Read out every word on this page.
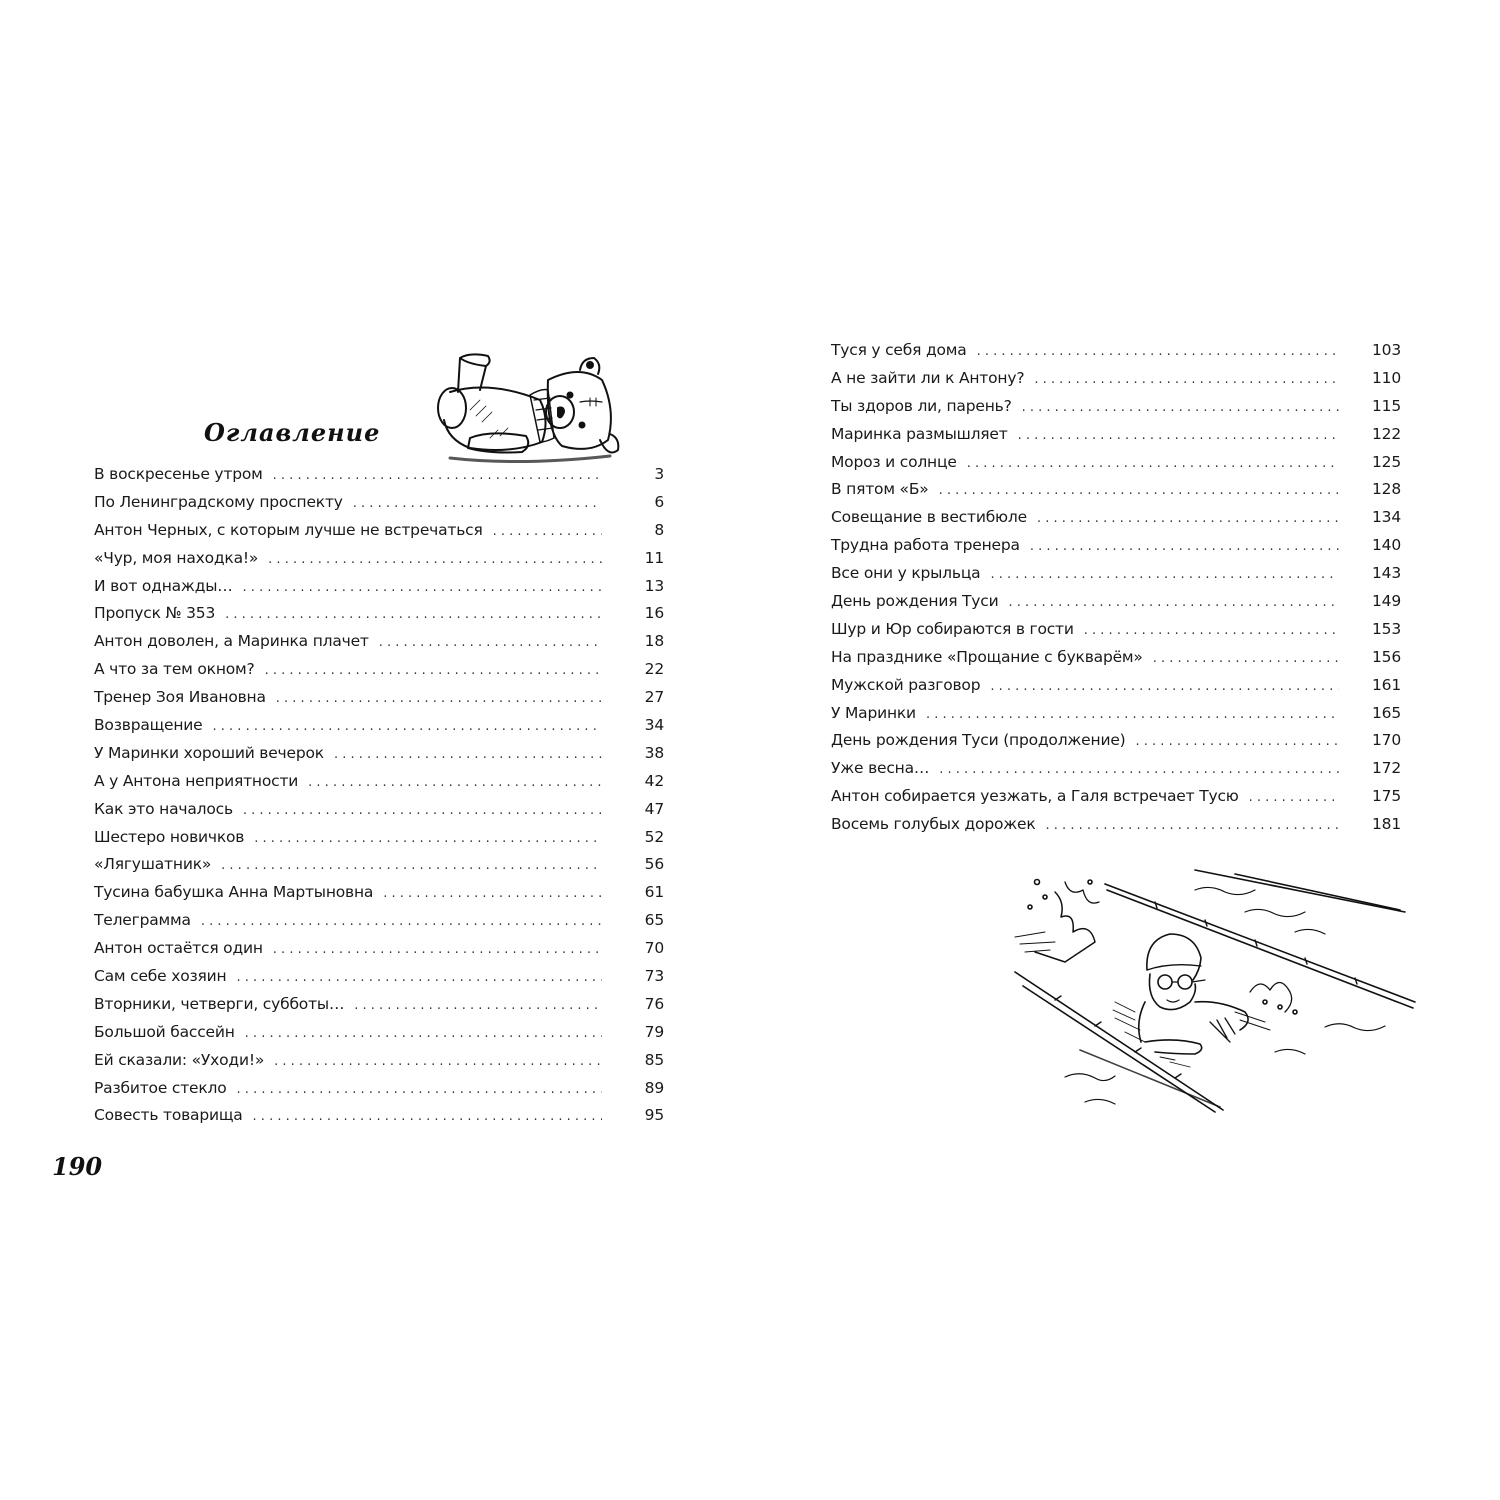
Оглавление
В воскресенье утром . . .	3
По Ленинградскому проспекту . . .	6
Антон Черных, с которым лучше не встречаться . . .	8
«Чур, моя находка!» . . .	11
И вот однажды… . . .	13
Пропуск № 353 . . .	16
Антон доволен, а Маринка плачет . . .	18
А что за тем окном? . . .	22
Тренер Зоя Ивановна . . .	27
Возвращение . . .	34
У Маринки хороший вечерок . . .	38
А у Антона неприятности . . .	42
Как это началось . . .	47
Шестеро новичков . . .	52
«Лягушатник» . . .	56
Тусина бабушка Анна Мартыновна . . .	61
Телеграмма . . .	65
Антон остаётся один . . .	70
Сам себе хозяин . . .	73
Вторники, четверги, субботы… . . .	76
Большой бассейн . . .	79
Ей сказали: «Уходи!» . . .	85
Разбитое стекло . . .	89
Совесть товарища . . .	95
Туся у себя дома . . .	103
А не зайти ли к Антону? . . .	110
Ты здоров ли, парень? . . .	115
Маринка размышляет . . .	122
Мороз и солнце . . .	125
В пятом «Б» . . .	128
Совещание в вестибюле . . .	134
Трудна работа тренера . . .	140
Все они у крыльца . . .	143
День рождения Туси . . .	149
Шур и Юр собираются в гости . . .	153
На празднике «Прощание с букварём» . . .	156
Мужской разговор . . .	161
У Маринки . . .	165
День рождения Туси (продолжение) . . .	170
Уже весна… . . .	172
Антон собирается уезжать, а Галя встречает Тусю . . .	175
Восемь голубых дорожек . . .	181
190
